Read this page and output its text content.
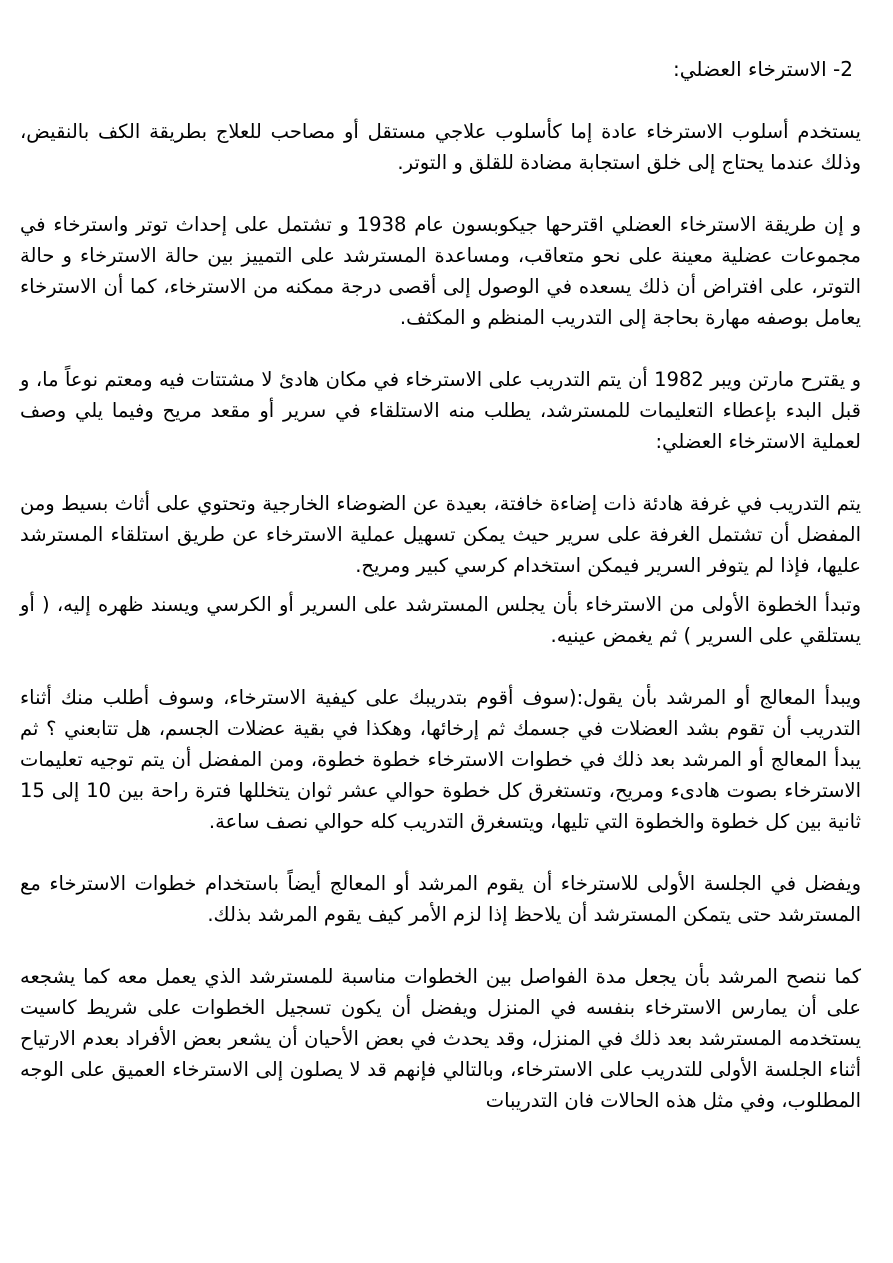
2- الاسترخاء العضلي:

يستخدم أسلوب الاسترخاء عادة إما كأسلوب علاجي مستقل أو مصاحب للعلاج بطريقة الكف بالنقيض، وذلك عندما يحتاج إلى خلق استجابة مضادة للقلق و التوتر.

و إن طريقة الاسترخاء العضلي اقترحها جيكوبسون عام 1938 و تشتمل على إحداث توتر واسترخاء في مجموعات عضلية معينة على نحو متعاقب، ومساعدة المسترشد على التمييز بين حالة الاسترخاء و حالة التوتر، على افتراض أن ذلك يسعده في الوصول إلى أقصى درجة ممكنه من الاسترخاء، كما أن الاسترخاء يعامل بوصفه مهارة بحاجة إلى التدريب المنظم و المكثف.

و يقترح مارتن ويبر 1982 أن يتم التدريب على الاسترخاء في مكان هادئ لا مشتتات فيه ومعتم نوعاً ما، و قبل البدء بإعطاء التعليمات للمسترشد، يطلب منه الاستلقاء في سرير أو مقعد مريح وفيما يلي وصف لعملية الاسترخاء العضلي:

يتم التدريب في غرفة هادئة ذات إضاءة خافتة، بعيدة عن الضوضاء الخارجية وتحتوي على أثاث بسيط ومن المفضل أن تشتمل الغرفة على سرير حيث يمكن تسهيل عملية الاسترخاء عن طريق استلقاء المسترشد عليها، فإذا لم يتوفر السرير فيمكن استخدام كرسي كبير ومريح.

وتبدأ الخطوة الأولى من الاسترخاء بأن يجلس المسترشد على السرير أو الكرسي ويسند ظهره إليه، ( أو يستلقي على السرير ) ثم يغمض عينيه.

ويبدأ المعالج أو المرشد بأن يقول:(سوف أقوم بتدريبك على كيفية الاسترخاء، وسوف أطلب منك أثناء التدريب أن تقوم بشد العضلات في جسمك ثم إرخائها، وهكذا في بقية عضلات الجسم، هل تتابعني ؟ ثم يبدأ المعالج أو المرشد بعد ذلك في خطوات الاسترخاء خطوة خطوة، ومن المفضل أن يتم توجيه تعليمات الاسترخاء بصوت هادىء ومريح، وتستغرق كل خطوة حوالي عشر ثوان يتخللها فترة راحة بين 10 إلى 15 ثانية بين كل خطوة والخطوة التي تليها، ويتسغرق التدريب كله حوالي نصف ساعة.

ويفضل في الجلسة الأولى للاسترخاء أن يقوم المرشد أو المعالج أيضاً باستخدام خطوات الاسترخاء مع المسترشد حتى يتمكن المسترشد أن يلاحظ إذا لزم الأمر كيف يقوم المرشد بذلك.

كما ننصح المرشد بأن يجعل مدة الفواصل بين الخطوات مناسبة للمسترشد الذي يعمل معه كما يشجعه على أن يمارس الاسترخاء بنفسه في المنزل ويفضل أن يكون تسجيل الخطوات على شريط كاسيت يستخدمه المسترشد بعد ذلك في المنزل، وقد يحدث في بعض الأحيان أن يشعر بعض الأفراد بعدم الارتياح أثناء الجلسة الأولى للتدريب على الاسترخاء، وبالتالي فإنهم قد لا يصلون إلى الاسترخاء العميق على الوجه المطلوب، وفي مثل هذه الحالات فان التدريبات
